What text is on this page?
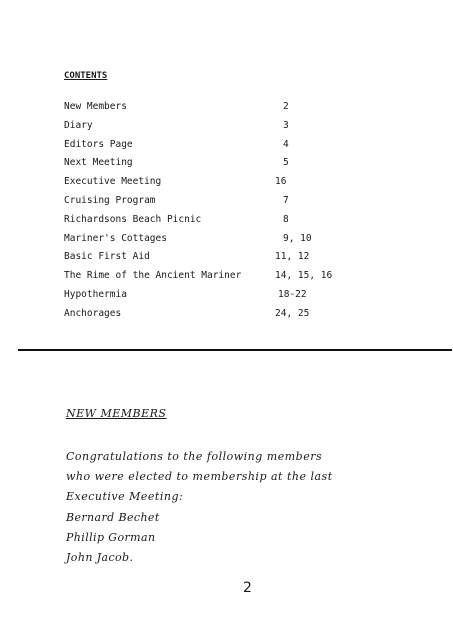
CONTENTS
New Members	2
Diary	3
Editors Page	4
Next Meeting	5
Executive Meeting	16
Cruising Program	7
Richardsons Beach Picnic	8
Mariner's Cottages	9, 10
Basic First Aid	11, 12
The Rime of the Ancient Mariner	14, 15, 16
Hypothermia	18-22
Anchorages	24, 25
NEW MEMBERS
Congratulations to the following members
who were elected to membership at the last
Executive Meeting:
Bernard Bechet
Phillip Gorman
John Jacob.
2
